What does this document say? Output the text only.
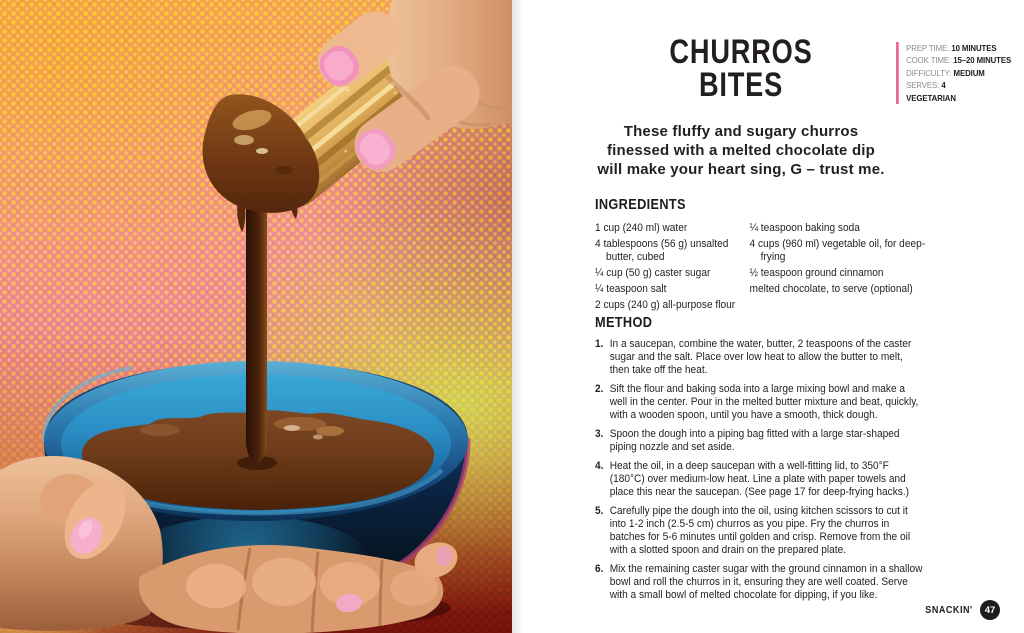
CHURROS
BITES
PREP TIME: 10 MINUTES
COOK TIME: 15–20 MINUTES
DIFFICULTY: MEDIUM
SERVES: 4
VEGETARIAN
These fluffy and sugary churros
finessed with a melted chocolate dip
will make your heart sing, G – trust me.
INGREDIENTS
1 cup (240 ml) water
4 tablespoons (56 g) unsalted butter, cubed
¼ cup (50 g) caster sugar
¼ teaspoon salt
2 cups (240 g) all-purpose flour
¼ teaspoon baking soda
4 cups (960 ml) vegetable oil, for deep-frying
½ teaspoon ground cinnamon
melted chocolate, to serve (optional)
METHOD
1. In a saucepan, combine the water, butter, 2 teaspoons of the caster sugar and the salt. Place over low heat to allow the butter to melt, then take off the heat.
2. Sift the flour and baking soda into a large mixing bowl and make a well in the center. Pour in the melted butter mixture and beat, quickly, with a wooden spoon, until you have a smooth, thick dough.
3. Spoon the dough into a piping bag fitted with a large star-shaped piping nozzle and set aside.
4. Heat the oil, in a deep saucepan with a well-fitting lid, to 350°F (180°C) over medium-low heat. Line a plate with paper towels and place this near the saucepan. (See page 17 for deep-frying hacks.)
5. Carefully pipe the dough into the oil, using kitchen scissors to cut it into 1-2 inch (2.5-5 cm) churros as you pipe. Fry the churros in batches for 5-6 minutes until golden and crisp. Remove from the oil with a slotted spoon and drain on the prepared plate.
6. Mix the remaining caster sugar with the ground cinnamon in a shallow bowl and roll the churros in it, ensuring they are well coated. Serve with a small bowl of melted chocolate for dipping, if you like.
SNACKIN' 47
